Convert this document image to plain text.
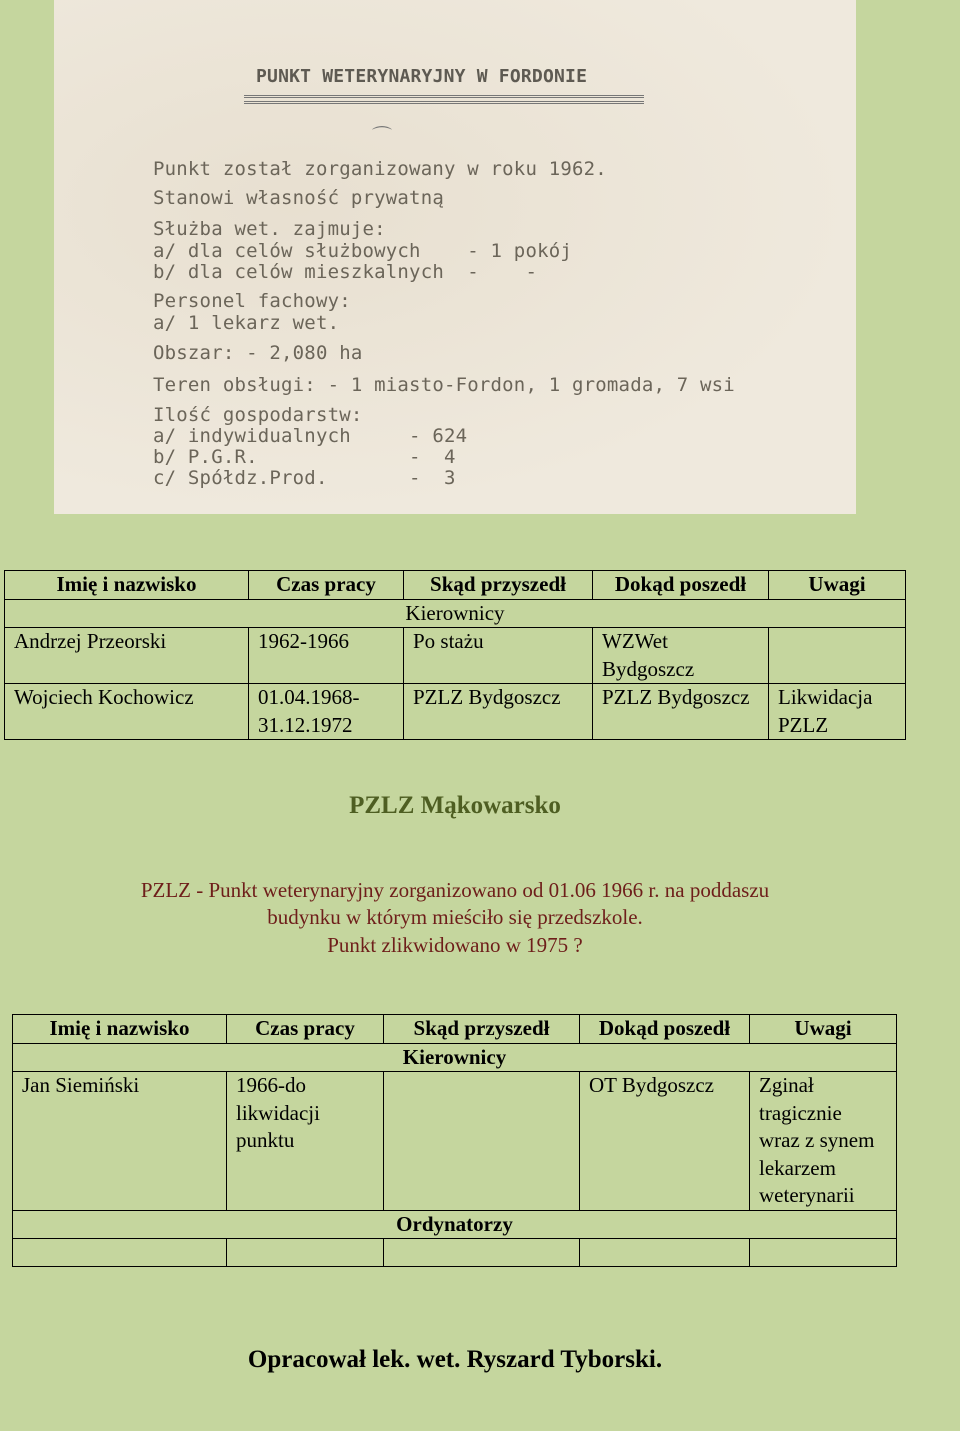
PUNKT WETERYNARYJNY W FORDONIE

⌒

Punkt został zorganizowany w roku 1962.

Stanowi własność prywatną

Służba wet. zajmuje:

a/ dla celów służbowych    - 1 pokój

b/ dla celów mieszkalnych  -    -

Personel fachowy:

a/ 1 lekarz wet.

Obszar: - 2,080 ha

Teren obsługi: - 1 miasto-Fordon, 1 gromada, 7 wsi

Ilość gospodarstw:

a/ indywidualnych     - 624

b/ P.G.R.             -  4

c/ Spółdz.Prod.       -  3

Imię i nazwisko	Czas pracy	Skąd przyszedł	Dokąd poszedł	Uwagi
Kierownicy				
Andrzej Przeorski	1962-1966	Po stażu	WZWet Bydgoszcz	
Wojciech Kochowicz	01.04.1968-31.12.1972	PZLZ Bydgoszcz	PZLZ Bydgoszcz	Likwidacja PZLZ
PZLZ Mąkowarsko
PZLZ - Punkt weterynaryjny zorganizowano od 01.06 1966 r. na poddaszu
budynku w którym mieściło się przedszkole.
Punkt zlikwidowano w 1975 ?
Imię i nazwisko	Czas pracy	Skąd przyszedł	Dokąd poszedł	Uwagi
Kierownicy				
Jan Siemiński	1966-do likwidacji punktu		OT Bydgoszcz	Zginał tragicznie wraz z synem lekarzem weterynarii
Ordynatorzy				

Opracował lek. wet. Ryszard Tyborski.
